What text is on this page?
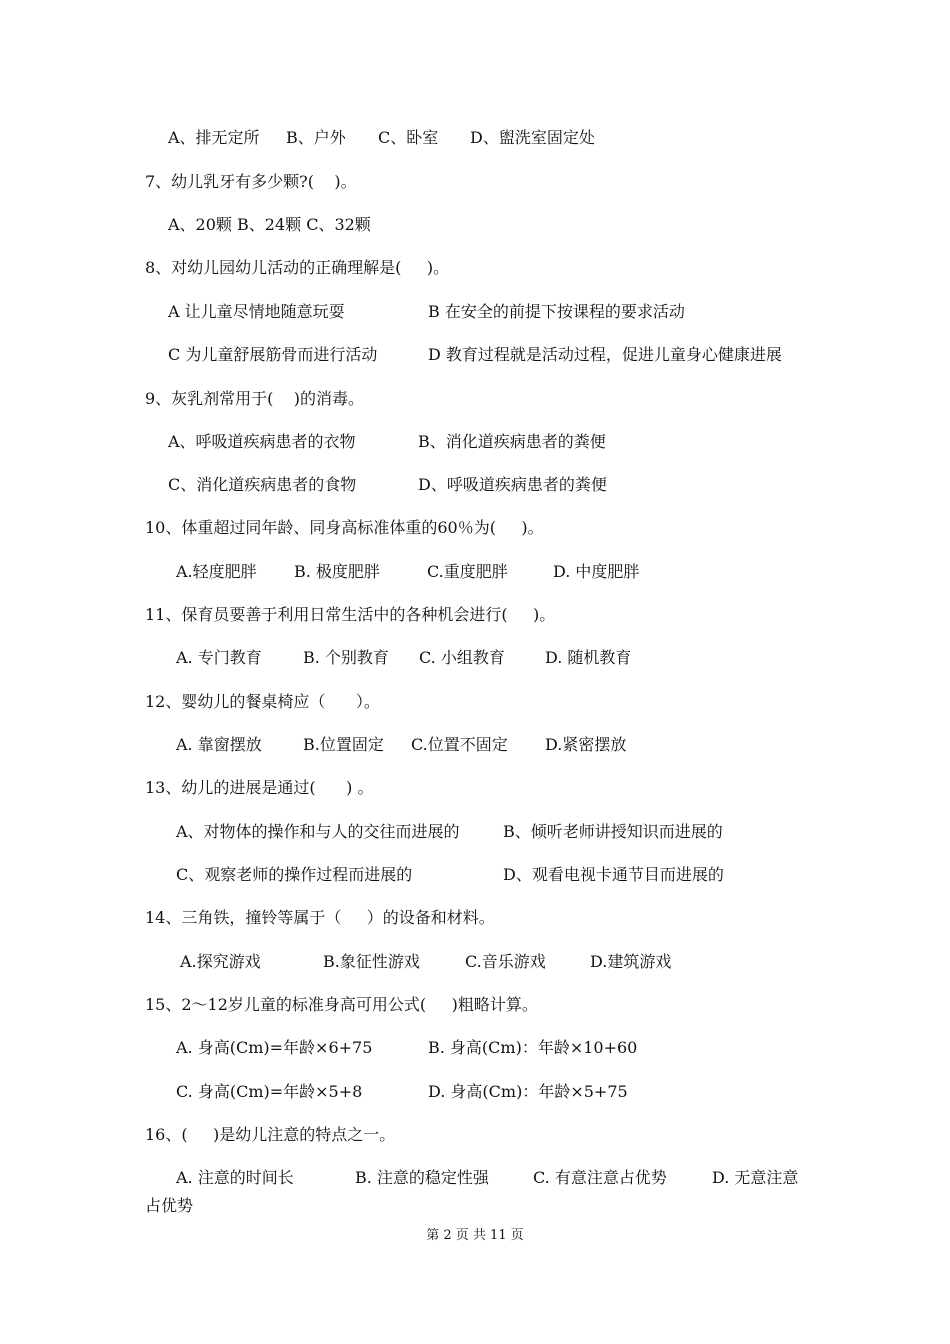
A、排无定所 B、户外 C、卧室 D、盥洗室固定处
7、幼儿乳牙有多少颗?(    )。
A、20颗 B、24颗 C、32颗
8、对幼儿园幼儿活动的正确理解是(     )。
A 让儿童尽情地随意玩耍	B 在安全的前提下按课程的要求活动
C 为儿童舒展筋骨而进行活动	D 教育过程就是活动过程，促进儿童身心健康进展
9、灰乳剂常用于(    )的消毒。
A、呼吸道疾病患者的衣物	B、消化道疾病患者的粪便
C、消化道疾病患者的食物	D、呼吸道疾病患者的粪便
10、体重超过同年龄、同身高标准体重的60％为(     )。
A.轻度肥胖 B. 极度肥胖	C.重度肥胖	D. 中度肥胖
11、保育员要善于利用日常生活中的各种机会进行(     )。
A. 专门教育	B. 个别教育 C. 小组教育	D. 随机教育
12、婴幼儿的餐桌椅应（      ）。
A. 靠窗摆放	B.位置固定 C.位置不固定 D.紧密摆放
13、幼儿的进展是通过(      ) 。
A、对物体的操作和与人的交往而进展的	B、倾听老师讲授知识而进展的
C、观察老师的操作过程而进展的	D、观看电视卡通节目而进展的
14、三角铁，撞铃等属于（     ）的设备和材料。
A.探究游戏	B.象征性游戏	C.音乐游戏	D.建筑游戏
15、2～12岁儿童的标准身高可用公式(     )粗略计算。
A. 身高(Cm)=年龄×6+75	B. 身高(Cm)：年龄×10+60
C. 身高(Cm)=年龄×5+8	D. 身高(Cm)：年龄×5+75
16、(     )是幼儿注意的特点之一。
A. 注意的时间长	B. 注意的稳定性强	C. 有意注意占优势	D. 无意注意
占优势
第 2 页 共 11 页
